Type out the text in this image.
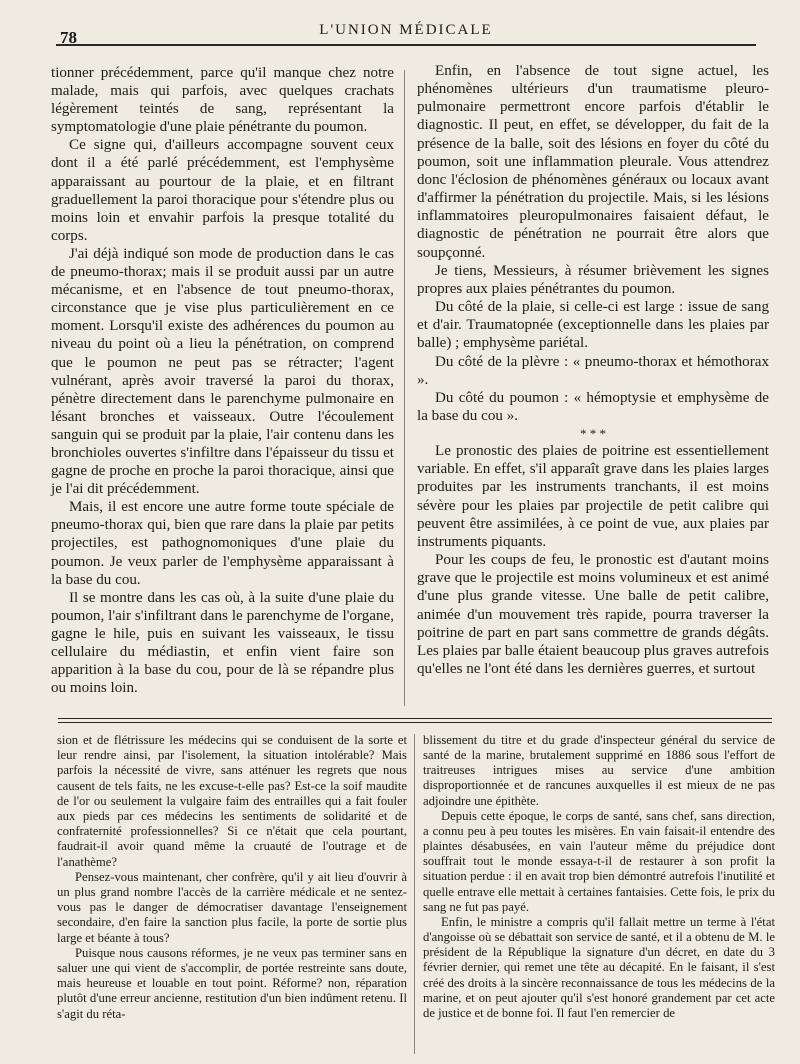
78	L'UNION MÉDICALE

tionner précédemment, parce qu'il manque chez notre malade, mais qui parfois, avec quelques crachats légèrement teintés de sang, représentant la symptomatologie d'une plaie pénétrante du poumon.

Ce signe qui, d'ailleurs accompagne souvent ceux dont il a été parlé précédemment, est l'emphysème apparaissant au pourtour de la plaie, et en filtrant graduellement la paroi thoracique pour s'étendre plus ou moins loin et envahir parfois la presque totalité du corps.

J'ai déjà indiqué son mode de production dans le cas de pneumo-thorax; mais il se produit aussi par un autre mécanisme, et en l'absence de tout pneumo-thorax, circonstance que je vise plus particulièrement en ce moment. Lorsqu'il existe des adhérences du poumon au niveau du point où a lieu la pénétration, on comprend que le poumon ne peut pas se rétracter; l'agent vulnérant, après avoir traversé la paroi du thorax, pénètre directement dans le parenchyme pulmonaire en lésant bronches et vaisseaux. Outre l'écoulement sanguin qui se produit par la plaie, l'air contenu dans les bronchioles ouvertes s'infiltre dans l'épaisseur du tissu et gagne de proche en proche la paroi thoracique, ainsi que je l'ai dit précédemment.

Mais, il est encore une autre forme toute spéciale de pneumo-thorax qui, bien que rare dans la plaie par petits projectiles, est pathognomoniques d'une plaie du poumon. Je veux parler de l'emphysème apparaissant à la base du cou.

Il se montre dans les cas où, à la suite d'une plaie du poumon, l'air s'infiltrant dans le parenchyme de l'organe, gagne le hile, puis en suivant les vaisseaux, le tissu cellulaire du médiastin, et enfin vient faire son apparition à la base du cou, pour de là se répandre plus ou moins loin.

Enfin, en l'absence de tout signe actuel, les phénomènes ultérieurs d'un traumatisme pleuro-pulmonaire permettront encore parfois d'établir le diagnostic. Il peut, en effet, se développer, du fait de la présence de la balle, soit des lésions en foyer du côté du poumon, soit une inflammation pleurale. Vous attendrez donc l'éclosion de phénomènes généraux ou locaux avant d'affirmer la pénétration du projectile. Mais, si les lésions inflammatoires pleuropulmonaires faisaient défaut, le diagnostic de pénétration ne pourrait être alors que soupçonné.

Je tiens, Messieurs, à résumer brièvement les signes propres aux plaies pénétrantes du poumon.

Du côté de la plaie, si celle-ci est large : issue de sang et d'air. Traumatopnée (exceptionnelle dans les plaies par balle) ; emphysème pariétal.

Du côté de la plèvre : « pneumo-thorax et hémothorax ».

Du côté du poumon : « hémoptysie et emphysème de la base du cou ».

* * *

Le pronostic des plaies de poitrine est essentiellement variable. En effet, s'il apparaît grave dans les plaies larges produites par les instruments tranchants, il est moins sévère pour les plaies par projectile de petit calibre qui peuvent être assimilées, à ce point de vue, aux plaies par instruments piquants.

Pour les coups de feu, le pronostic est d'autant moins grave que le projectile est moins volumineux et est animé d'une plus grande vitesse. Une balle de petit calibre, animée d'un mouvement très rapide, pourra traverser la poitrine de part en part sans commettre de grands dégâts. Les plaies par balle étaient beaucoup plus graves autrefois qu'elles ne l'ont été dans les dernières guerres, et surtout

sion et de flétrissure les médecins qui se conduisent de la sorte et leur rendre ainsi, par l'isolement, la situation intolérable? Mais parfois la nécessité de vivre, sans atténuer les regrets que nous causent de tels faits, ne les excuse-t-elle pas? Est-ce la soif maudite de l'or ou seulement la vulgaire faim des entrailles qui a fait fouler aux pieds par ces médecins les sentiments de solidarité et de confraternité professionnelles? Si ce n'était que cela pourtant, faudrait-il avoir quand même la cruauté de l'outrage et de l'anathème?

Pensez-vous maintenant, cher confrère, qu'il y ait lieu d'ouvrir à un plus grand nombre l'accès de la carrière médicale et ne sentez-vous pas le danger de démocratiser davantage l'enseignement secondaire, d'en faire la sanction plus facile, la porte de sortie plus large et béante à tous?

Puisque nous causons réformes, je ne veux pas terminer sans en saluer une qui vient de s'accomplir, de portée restreinte sans doute, mais heureuse et louable en tout point. Réforme? non, réparation plutôt d'une erreur ancienne, restitution d'un bien indûment retenu. Il s'agit du réta-

blissement du titre et du grade d'inspecteur général du service de santé de la marine, brutalement supprimé en 1886 sous l'effort de traitreuses intrigues mises au service d'une ambition disproportionnée et de rancunes auxquelles il est mieux de ne pas adjoindre une épithète.

Depuis cette époque, le corps de santé, sans chef, sans direction, a connu peu à peu toutes les misères. En vain faisait-il entendre des plaintes désabusées, en vain l'auteur même du préjudice dont souffrait tout le monde essaya-t-il de restaurer à son profit la situation perdue : il en avait trop bien démontré autrefois l'inutilité et quelle entrave elle mettait à certaines fantaisies. Cette fois, le prix du sang ne fut pas payé.

Enfin, le ministre a compris qu'il fallait mettre un terme à l'état d'angoisse où se débattait son service de santé, et il a obtenu de M. le président de la République la signature d'un décret, en date du 3 février dernier, qui remet une tête au décapité. En le faisant, il s'est créé des droits à la sincère reconnaissance de tous les médecins de la marine, et on peut ajouter qu'il s'est honoré grandement par cet acte de justice et de bonne foi. Il faut l'en remercier de
